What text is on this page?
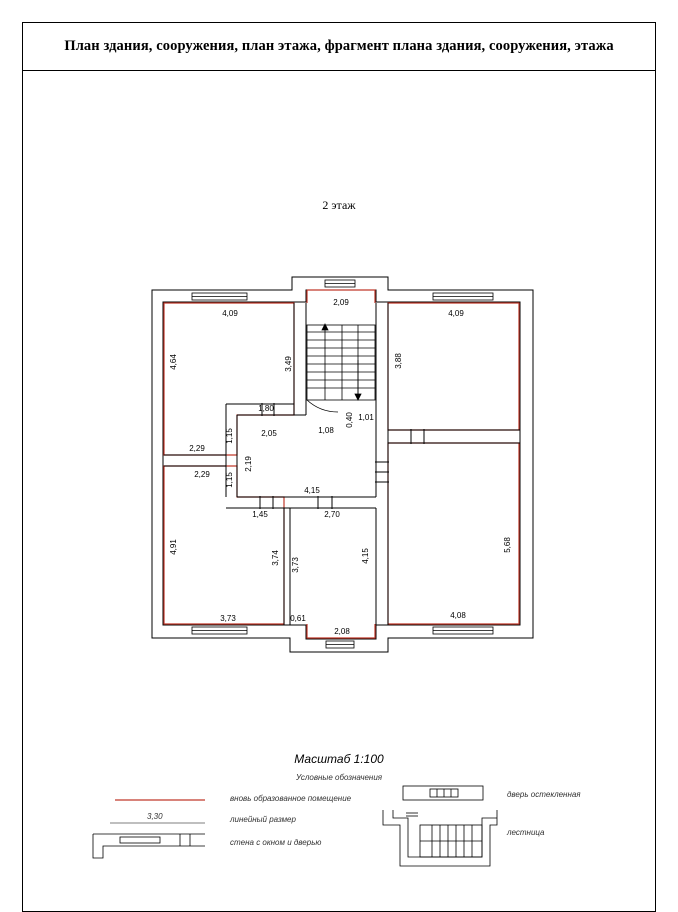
План здания, сооружения, план этажа, фрагмент плана здания, сооружения, этажа
2 этаж
4,09
2,09
4,09
4,64	3,49	3,88
1,80
2,05	1,08
0,40 1,01
1,15
2,29
2,19
2,29 1,15
4,15
1,45	2,70
4,91
3,74 3,73
4,15
5,68
3,73	0,61
2,08
4,08
Масштаб 1:100
Условные обозначения
вновь образованное помещение
3,30	линейный размер
стена с окном и дверью
дверь остекленная
лестница
